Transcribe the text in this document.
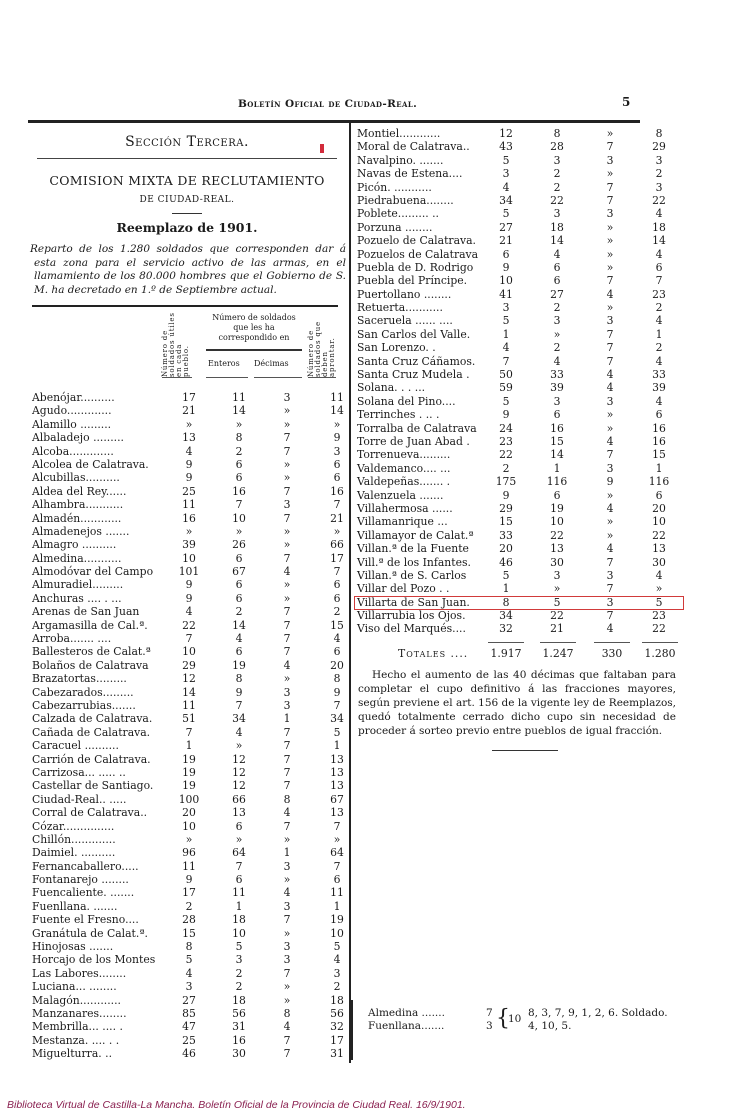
Boletín Oficial de Ciudad-Real.	5
Sección Tercera.
COMISION MIXTA DE RECLUTAMIENTO
DE CIUDAD-REAL.
Reemplazo de 1901.
Reparto de los 1.280 soldados que corresponden dar á esta zona para el servicio activo de las armas, en el llamamiento de los 80.000 hombres que el Gobierno de S. M. ha decretado en 1.º de Septiembre actual.
Número de soldados útiles en cada pueblo.
Número de soldados que les ha correspondido en
Enteros Décimas	Número de soldados que deben aprontar.
Abenójar..........	17	11	3	11
Agudo.............	21	14	»	14
Alamillo .........	»	»	»	»
Albaladejo .........	13	8	7	9
Alcoba.............	4	2	7	3
Alcolea de Calatrava.	9	6	»	6
Alcubillas..........	9	6	»	6
Aldea del Rey......	25	16	7	16
Alhambra...........	11	7	3	7
Almadén............	16	10	7	21
Almadenejos .......	»	»	»	»
Almagro ..........	39	26	»	66
Almedina...........	10	6	7	17
Almodóvar del Campo	101	67	4	7
Almuradiel.........	9	6	»	6
Anchuras .... . ...	9	6	»	6
Arenas de San Juan	4	2	7	2
Argamasilla de Cal.ª.	22	14	7	15
Arroba....... ....	7	4	7	4
Ballesteros de Calat.ª	10	6	7	6
Bolaños de Calatrava	29	19	4	20
Brazatortas.........	12	8	»	8
Cabezarados.........	14	9	3	9
Cabezarrubias.......	11	7	3	7
Calzada de Calatrava.	51	34	1	34
Cañada de Calatrava.	7	4	7	5
Caracuel ..........	1	»	7	1
Carrión de Calatrava.	19	12	7	13
Carrizosa... ..... ..	19	12	7	13
Castellar de Santiago.	19	12	7	13
Ciudad-Real.. .....	100	66	8	67
Corral de Calatrava..	20	13	4	13
Cózar...............	10	6	7	7
Chillón.............	»	»	»	»
Daimiel. ..........	96	64	1	64
Fernancaballero.....	11	7	3	7
Fontanarejo ........	9	6	»	6
Fuencaliente. .......	17	11	4	11
Fuenllana. .......	2	1	3	1
Fuente el Fresno....	28	18	7	19
Granátula de Calat.ª.	15	10	»	10
Hinojosas .......	8	5	3	5
Horcajo de los Montes	5	3	3	4
Las Labores........	4	2	7	3
Luciana... ........	3	2	»	2
Malagón............	27	18	»	18
Manzanares........	85	56	8	56
Membrilla... .... .	47	31	4	32
Mestanza. .... . .	25	16	7	17
Miguelturra. ..	46	30	7	31
Montiel............	12	8	»	8
Moral de Calatrava..	43	28	7	29
Navalpino. .......	5	3	3	3
Navas de Estena....	3	2	»	2
Picón. ...........	4	2	7	3
Piedrabuena........	34	22	7	22
Poblete......... ..	5	3	3	4
Porzuna ........	27	18	»	18
Pozuelo de Calatrava.	21	14	»	14
Pozuelos de Calatrava	6	4	»	4
Puebla de D. Rodrigo	9	6	»	6
Puebla del Príncipe.	10	6	7	7
Puertollano ........	41	27	4	23
Retuerta...........	3	2	»	2
Saceruela ...... ....	5	3	3	4
San Carlos del Valle.	1	»	7	1
San Lorenzo. .	4	2	7	2
Santa Cruz Cáñamos.	7	4	7	4
Santa Cruz Mudela .	50	33	4	33
Solana. . . ...	59	39	4	39
Solana del Pino....	5	3	3	4
Terrinches . .. .	9	6	»	6
Torralba de Calatrava	24	16	»	16
Torre de Juan Abad .	23	15	4	16
Torrenueva.........	22	14	7	15
Valdemanco.... ...	2	1	3	1
Valdepeñas....... .	175	116	9	116
Valenzuela .......	9	6	»	6
Villahermosa ......	29	19	4	20
Villamanrique ...	15	10	»	10
Villamayor de Calat.ª	33	22	»	22
Villan.ª de la Fuente	20	13	4	13
Vill.ª de los Infantes.	46	30	7	30
Villan.ª de S. Carlos	5	3	3	4
Villar del Pozo . .	1	»	7	»
Villarta de San Juan.	8	5	3	5
Villarrubia los Ojos.	34	22	7	23
Viso del Marqués....	32	21	4	22
Totales ....	1.917	1.247	330	1.280
Hecho el aumento de las 40 décimas que faltaban para completar el cupo definitivo á las fracciones mayores, según previene el art. 156 de la vigente ley de Reemplazos, quedó totalmente cerrado dicho cupo sin necesidad de proceder á sorteo previo entre pueblos de igual fracción.
Almedina .......	7	8, 3, 7, 9, 1, 2, 6. Soldado.
Fuenllana.......	3	4, 10, 5.
{
10
Biblioteca Virtual de Castilla-La Mancha. Boletín Oficial de la Provincia de Ciudad Real. 16/9/1901.
